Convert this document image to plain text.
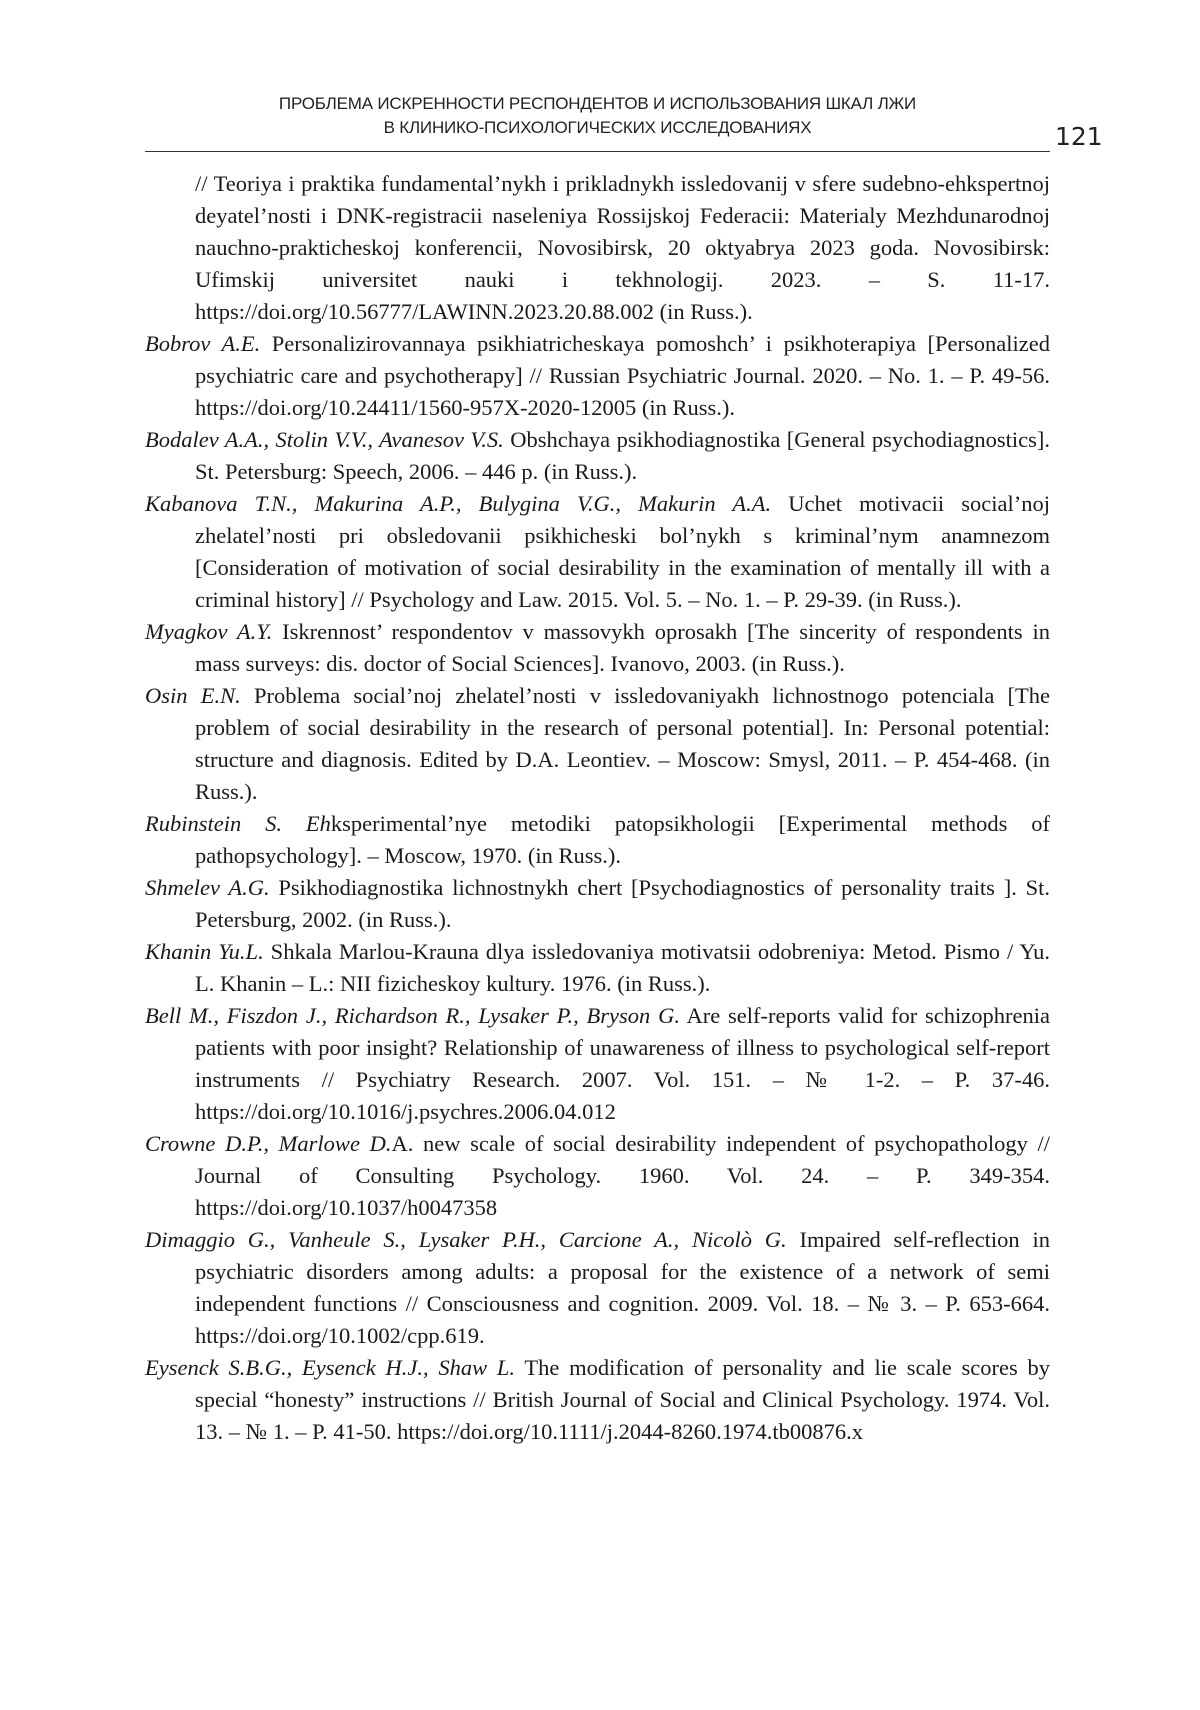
ПРОБЛЕМА ИСКРЕННОСТИ РЕСПОНДЕНТОВ И ИСПОЛЬЗОВАНИЯ ШКАЛ ЛЖИ
В КЛИНИКО-ПСИХОЛОГИЧЕСКИХ ИССЛЕДОВАНИЯХ	121
// Teoriya i praktika fundamental’nykh i prikladnykh issledovanij v sfere sudebno-ehkspertnoj deyatel’nosti i DNK-registracii naseleniya Rossijskoj Federacii: Materialy Mezhdunarodnoj nauchno-prakticheskoj konferencii, Novosibirsk, 20 oktyabrya 2023 goda. Novosibirsk: Ufimskij universitet nauki i tekhnologij. 2023. – S. 11-17. https://doi.org/10.56777/LAWINN.2023.20.88.002 (in Russ.).
Bobrov A.E. Personalizirovannaya psikhiatricheskaya pomoshch’ i psikhoterapiya [Personalized psychiatric care and psychotherapy] // Russian Psychiatric Journal. 2020. – No. 1. – P. 49-56. https://doi.org/10.24411/1560-957X-2020-12005 (in Russ.).
Bodalev A.A., Stolin V.V., Avanesov V.S. Obshchaya psikhodiagnostika [General psychodiagnostics]. St. Petersburg: Speech, 2006. – 446 p. (in Russ.).
Kabanova T.N., Makurina A.P., Bulygina V.G., Makurin A.A. Uchet motivacii social’noj zhelatel’nosti pri obsledovanii psikhicheski bol’nykh s kriminal’nym anamnezom [Consideration of motivation of social desirability in the examination of mentally ill with a criminal history] // Psychology and Law. 2015. Vol. 5. – No. 1. – P. 29-39. (in Russ.).
Myagkov A.Y. Iskrennost’ respondentov v massovykh oprosakh [The sincerity of respondents in mass surveys: dis. doctor of Social Sciences]. Ivanovo, 2003. (in Russ.).
Osin E.N. Problema social’noj zhelatel’nosti v issledovaniyakh lichnostnogo potenciala [The problem of social desirability in the research of personal potential]. In: Personal potential: structure and diagnosis. Edited by D.A. Leontiev. – Moscow: Smysl, 2011. – P. 454-468. (in Russ.).
Rubinstein S. Ehksperimental’nye metodiki patopsikhologii [Experimental methods of pathopsychology]. – Moscow, 1970. (in Russ.).
Shmelev A.G. Psikhodiagnostika lichnostnykh chert [Psychodiagnostics of personality traits ]. St. Petersburg, 2002. (in Russ.).
Khanin Yu.L. Shkala Marlou-Krauna dlya issledovaniya motivatsii odobreniya: Metod. Pismo / Yu. L. Khanin – L.: NII fizicheskoy kultury. 1976. (in Russ.).
Bell M., Fiszdon J., Richardson R., Lysaker P., Bryson G. Are self-reports valid for schizophrenia patients with poor insight? Relationship of unawareness of illness to psychological self-report instruments // Psychiatry Research. 2007. Vol. 151. – № 1-2. – P. 37-46. https://doi.org/10.1016/j.psychres.2006.04.012
Crowne D.P., Marlowe D.A. new scale of social desirability independent of psychopathology // Journal of Consulting Psychology. 1960. Vol. 24. – P. 349-354. https://doi.org/10.1037/h0047358
Dimaggio G., Vanheule S., Lysaker P.H., Carcione A., Nicolò G. Impaired self-reflection in psychiatric disorders among adults: a proposal for the existence of a network of semi independent functions // Consciousness and cognition. 2009. Vol. 18. – № 3. – P. 653-664. https://doi.org/10.1002/cpp.619.
Eysenck S.B.G., Eysenck H.J., Shaw L. The modification of personality and lie scale scores by special “honesty” instructions // British Journal of Social and Clinical Psychology. 1974. Vol. 13. – № 1. – P. 41-50. https://doi.org/10.1111/j.2044-8260.1974.tb00876.x
